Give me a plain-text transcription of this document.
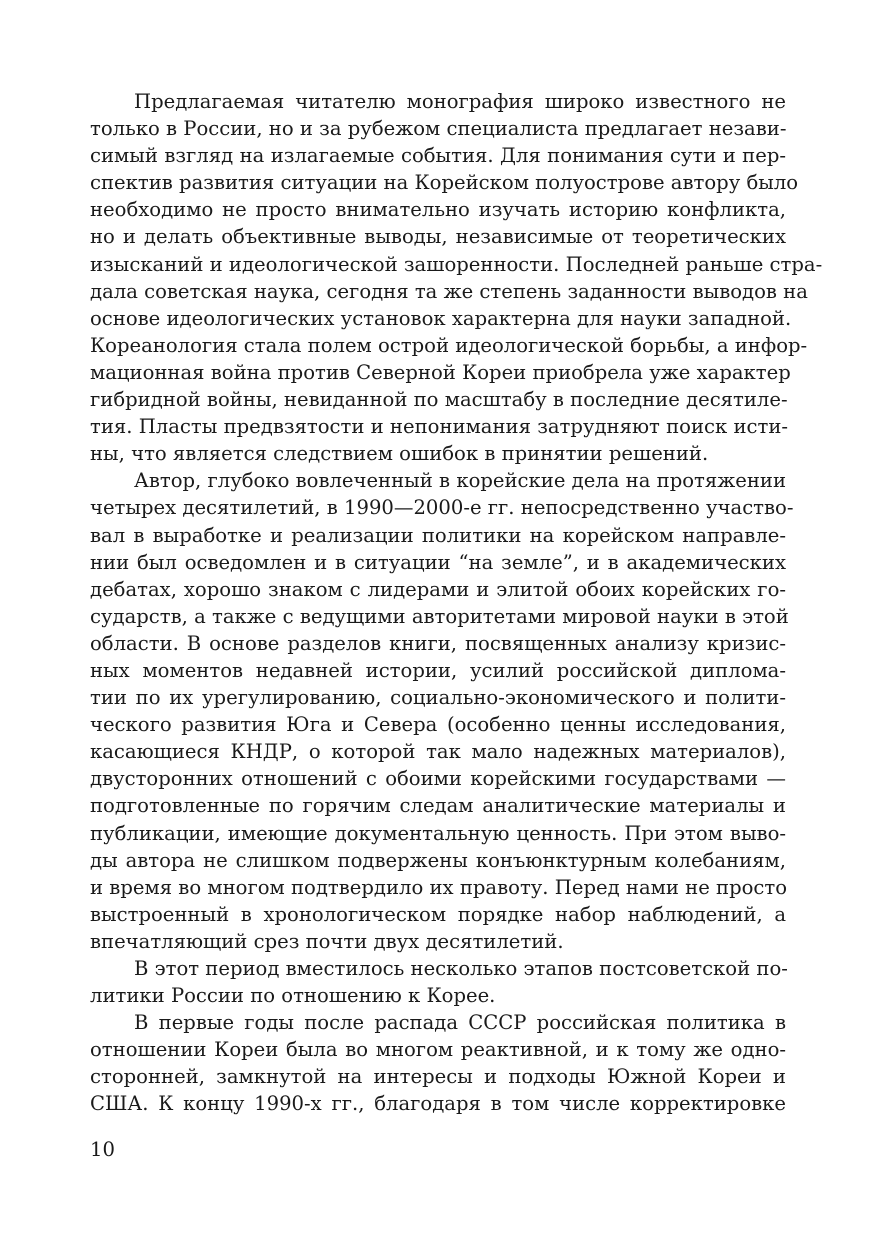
Предлагаемая читателю монография широко известного не
только в России, но и за рубежом специалиста предлагает незави-
симый взгляд на излагаемые события. Для понимания сути и пер-
спектив развития ситуации на Корейском полуострове автору было
необходимо не просто внимательно изучать историю конфликта,
но и делать объективные выводы, независимые от теоретических
изысканий и идеологической зашоренности. Последней раньше стра-
дала советская наука, сегодня та же степень заданности выводов на
основе идеологических установок характерна для науки западной.
Кореанология стала полем острой идеологической борьбы, а инфор-
мационная война против Северной Кореи приобрела уже характер
гибридной войны, невиданной по масштабу в последние десятиле-
тия. Пласты предвзятости и непонимания затрудняют поиск исти-
ны, что является следствием ошибок в принятии решений.
Автор, глубоко вовлеченный в корейские дела на протяжении
четырех десятилетий, в 1990—2000-е гг. непосредственно участво-
вал в выработке и реализации политики на корейском направле-
нии был осведомлен и в ситуации “на земле”, и в академических
дебатах, хорошо знаком с лидерами и элитой обоих корейских го-
сударств, а также с ведущими авторитетами мировой науки в этой
области. В основе разделов книги, посвященных анализу кризис-
ных моментов недавней истории, усилий российской диплома-
тии по их урегулированию, социально-экономического и полити-
ческого развития Юга и Севера (особенно ценны исследования,
касающиеся КНДР, о которой так мало надежных материалов),
двусторонних отношений с обоими корейскими государствами —
подготовленные по горячим следам аналитические материалы и
публикации, имеющие документальную ценность. При этом выво-
ды автора не слишком подвержены конъюнктурным колебаниям,
и время во многом подтвердило их правоту. Перед нами не просто
выстроенный в хронологическом порядке набор наблюдений, а
впечатляющий срез почти двух десятилетий.
В этот период вместилось несколько этапов постсоветской по-
литики России по отношению к Корее.
В первые годы после распада СССР российская политика в
отношении Кореи была во многом реактивной, и к тому же одно-
сторонней, замкнутой на интересы и подходы Южной Кореи и
США. К концу 1990-х гг., благодаря в том числе корректировке
10
